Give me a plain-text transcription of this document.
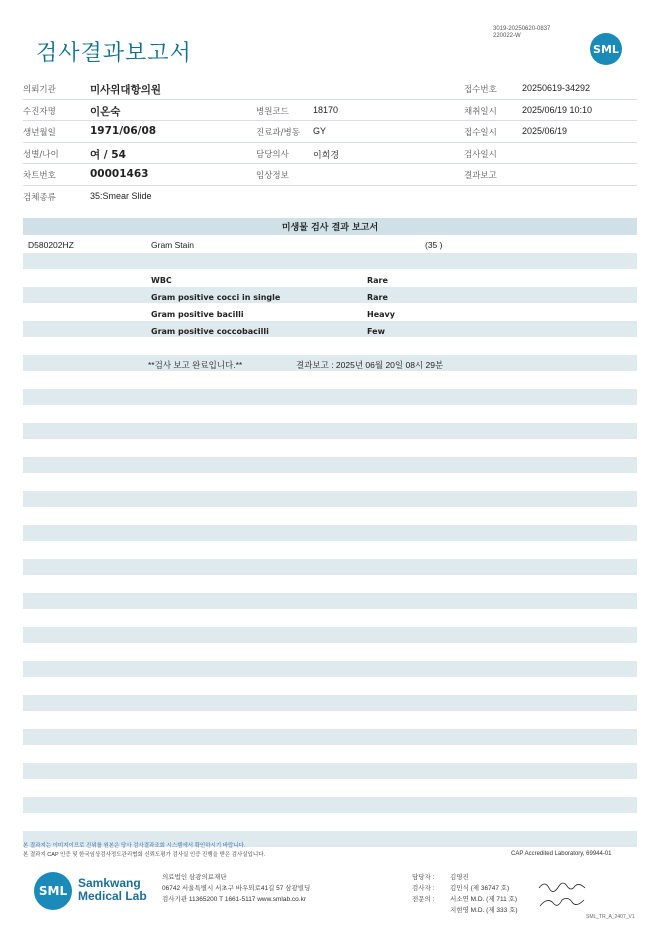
검사결과보고서
3019-20250620-0837
220022-W
SML
의뢰기관	미사위대항의원	접수번호	20250619-34292
수진자명	이온숙	병원코드	18170	채취일시	2025/06/19 10:10
생년월일	1971/06/08	진료과/병동 GY	접수일시	2025/06/19
성별/나이	여 / 54	담당의사	이희경	검사일시
차트번호	00001463	임상정보	결과보고
검체종류	35:Smear Slide
미생물 검사 결과 보고서
D580202HZ	Gram Stain	(35 )
WBC	Rare
Gram positive cocci in single	Rare
Gram positive bacilli	Heavy
Gram positive coccobacilli	Few
**검사 보고 완료입니다.**	결과보고 : 2025년 06월 20일 08시 29분
본 결과지는 이미지이므로 진위를 원본은 당사 검사결과조회 시스템에서 확인하시기 바랍니다.
본 결과지 CAP 인증 및 한국임상검사정도관리협회 신뢰도평가 검사실 인증 진행을 받은 검사실입니다.	CAP Accredited Laboratory, 69944-01
SML
Samkwang
Medical Lab
의료법인 삼광의료재단
06742 서울특별시 서초구 바우뫼로41길 57 삼광빌딩
검사기관 11365200 T 1661-5117 www.smlab.co.kr
담당자 : 김영진
검사자 : 김민식 (제 36747 호)
전문의 : 서소연 M.D. (제 711 호)
지현영 M.D. (제 333 호)
SML_TR_A_2407_V1
